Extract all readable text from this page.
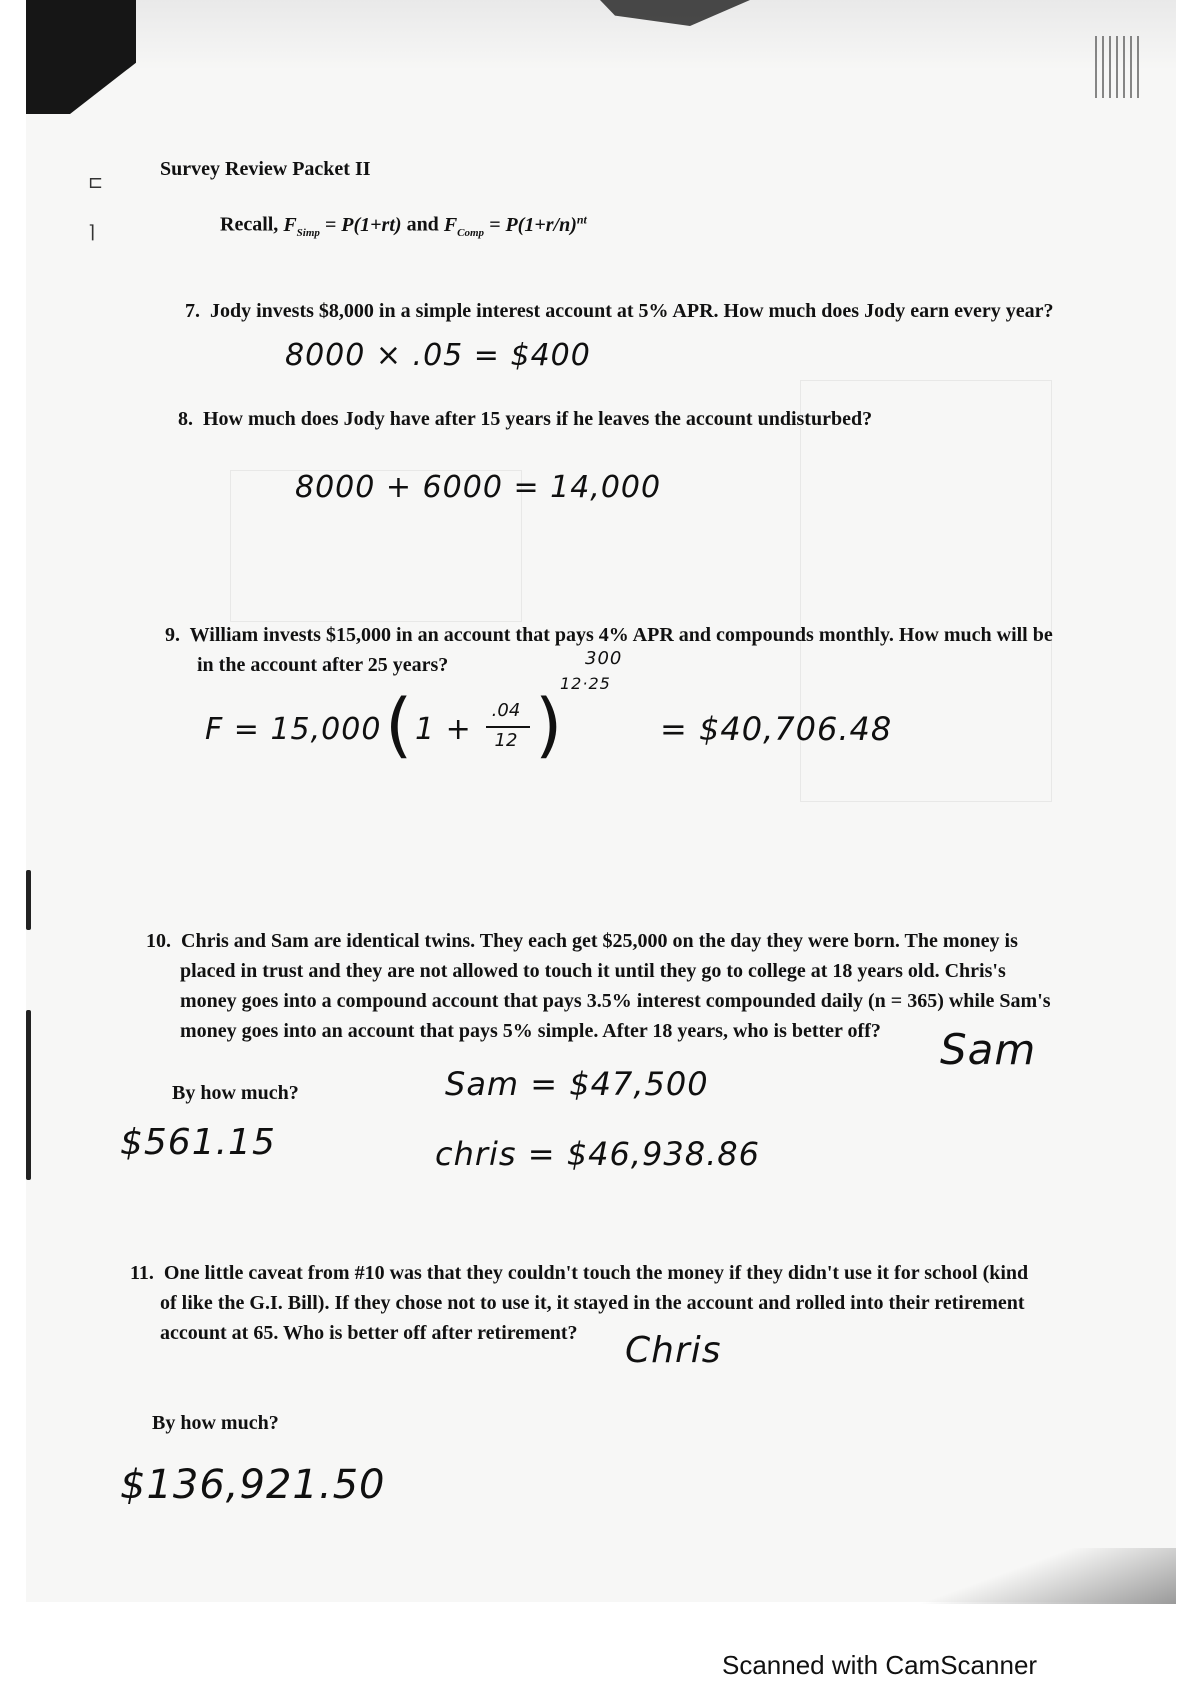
⊏
⌉
Survey Review Packet II
Recall, $F_{Simp} = P(1+rt)$ and $F_{Comp} = P(1+r/n)^{nt}$
7. Jody invests $8,000 in a simple interest account at 5% APR. How much does Jody earn every year?
8000 × .05 = $400
8. How much does Jody have after 15 years if he leaves the account undisturbed?
8000 + 6000 = 14,000
9. William invests $15,000 in an account that pays 4% APR and compounds monthly. How much will be
in the account after 25 years?	300
12·25
F = 15,000 ( 1 +
.04
12 )	= $40,706.48
10. Chris and Sam are identical twins. They each get $25,000 on the day they were born. The money is
placed in trust and they are not allowed to touch it until they go to college at 18 years old. Chris's
money goes into a compound account that pays 3.5% interest compounded daily (n = 365) while Sam's
money goes into an account that pays 5% simple. After 18 years, who is better off?	Sam
By how much?	Sam = $47,500
$561.15	chris = $46,938.86
11. One little caveat from #10 was that they couldn't touch the money if they didn't use it for school (kind
of like the G.I. Bill). If they chose not to use it, it stayed in the account and rolled into their retirement
account at 65. Who is better off after retirement?	Chris
By how much?
$136,921.50
Scanned with CamScanner
